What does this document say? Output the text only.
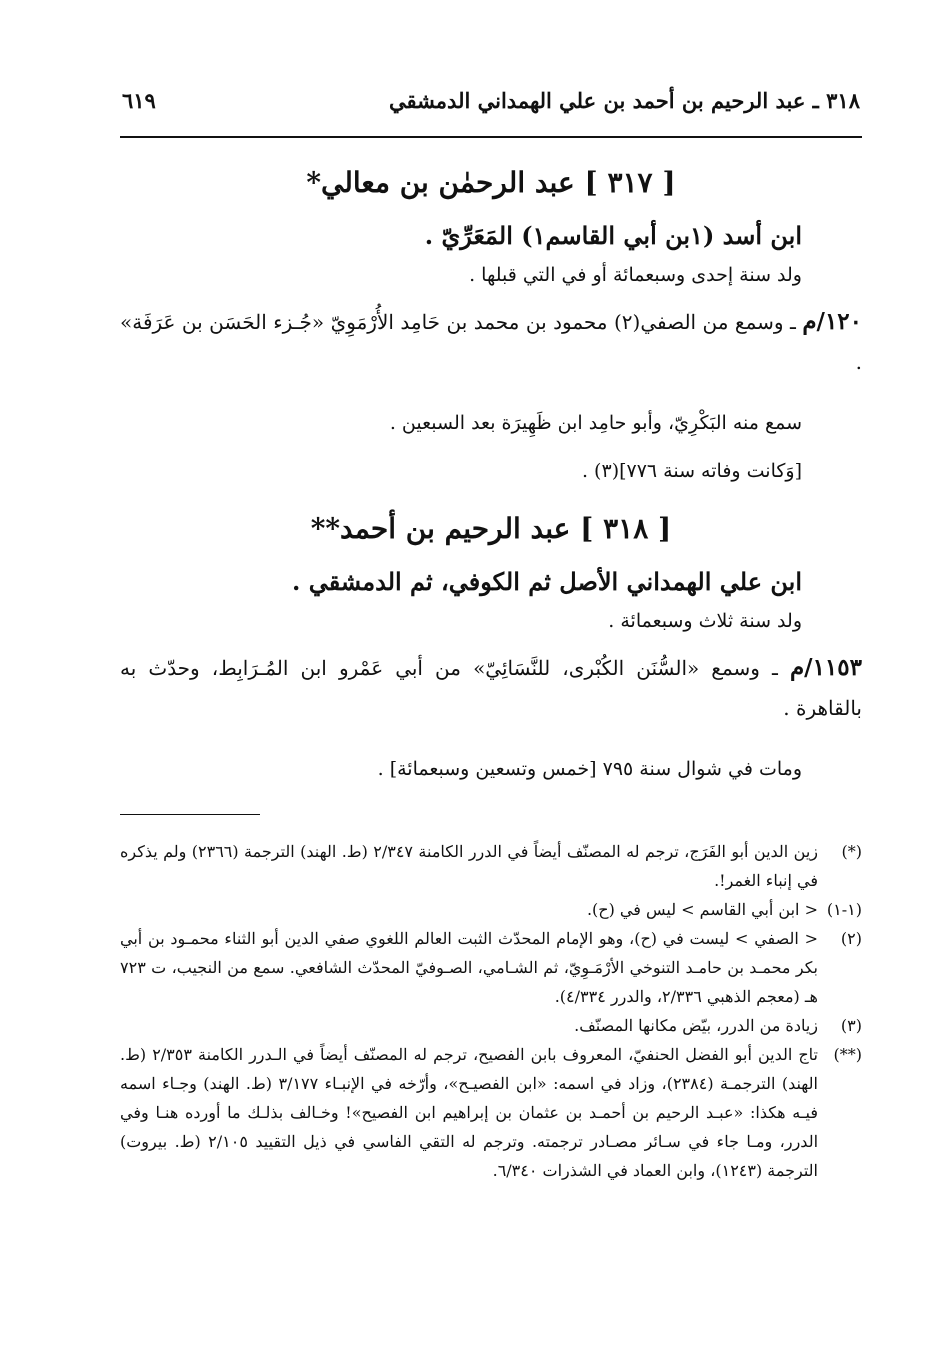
٣١٨ ـ عبد الرحيم بن أحمد بن علي الهمداني الدمشقي
٦١٩
[ ٣١٧ ] عبد الرحمٰن بن معالي*
ابن أسد (١بن أبي القاسم١) المَعَرِّيّ .
ولد سنة إحدى وسبعمائة أو في التي قبلها .
١٢٠/م ـ وسمع من الصفي(٢) محمود بن محمد بن حَامِد الأُرْمَوِيّ «جُـزء الحَسَن بن عَرَفَة» .
سمع منه البَكْرِيّ، وأبو حامِد ابن ظَهِيرَة بعد السبعين .
[وَكانت وفاته سنة ٧٧٦](٣) .
[ ٣١٨ ] عبد الرحيم بن أحمد**
ابن علي الهمداني الأصل ثم الكوفي، ثم الدمشقي .
ولد سنة ثلاث وسبعمائة .
١١٥٣/م ـ وسمع «السُّنَن الكُبْرى، للنَّسَائِيّ» من أبي عَمْرو ابن المُـرَابِط، وحدّث به بالقاهرة .
ومات في شوال سنة ٧٩٥ [خمس وتسعين وسبعمائة] .
(*)
زين الدين أبو الفَرَج، ترجم له المصنّف أيضاً في الدرر الكامنة ٢/٣٤٧ (ط. الهند) الترجمة (٢٣٦٦) ولم يذكره في إنباء الغمر!.
(١-١)
< ابن أبي القاسم > ليس في (ح).
(٢)
< الصفي > ليست في (ح)، وهو الإمام المحدّث الثبت العالم اللغوي صفي الدين أبو الثناء محمـود بن أبي بكر محمـد بن حامـد التنوخي الأرْمَـوِيّ، ثم الشـامي، الصـوفيّ المحدّث الشافعي. سمع من النجيب، ت ٧٢٣ هـ (معجم الذهبي ٢/٣٣٦، والدرر ٤/٣٣٤).
(٣)
زيادة من الدرر، بيّض مكانها المصنّف.
(**)
تاج الدين أبو الفضل الحنفيّ، المعروف بابن الفصيح، ترجم له المصنّف أيضاً في الـدرر الكامنة ٢/٣٥٣ (ط. الهند) الترجمـة (٢٣٨٤)، وزاد في اسمه: «ابن الفصيـح»، وأرّخه في الإنبـاء ٣/١٧٧ (ط. الهند) وجـاء اسمه فيـه هكذا: «عبـد الرحيم بن أحمـد بن عثمان بن إبراهيم ابن الفصيح»! وخـالف بذلـك ما أورده هنـا وفي الدرر، ومـا جاء في سـائر مصـادر ترجمته. وترجم له التقي الفاسي في ذيل التقييد ٢/١٠٥ (ط. بيروت) الترجمة (١٢٤٣)، وابن العماد في الشذرات ٦/٣٤٠.
